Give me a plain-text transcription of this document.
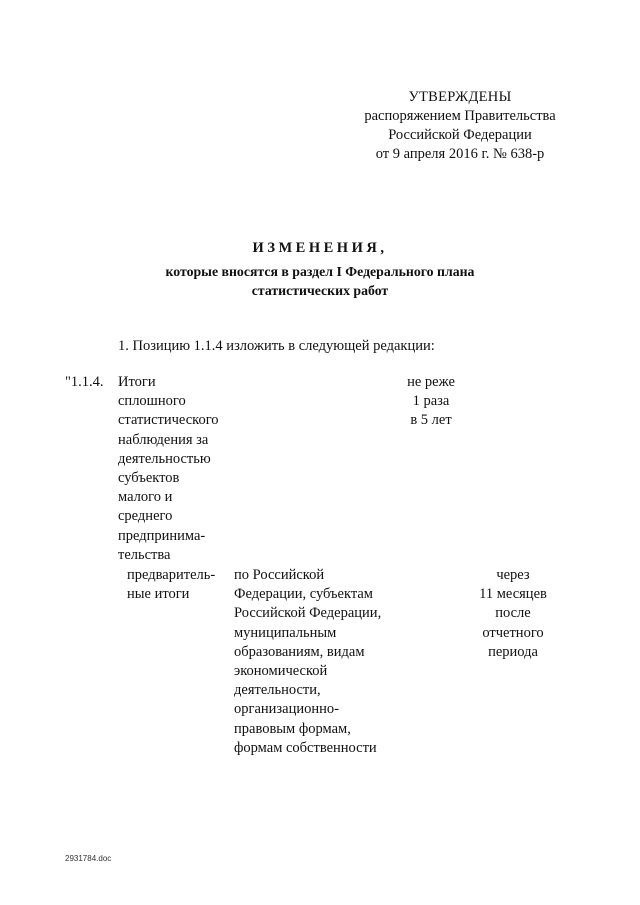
УТВЕРЖДЕНЫ
распоряжением Правительства
Российской Федерации
от 9 апреля 2016 г. № 638-р
ИЗМЕНЕНИЯ,
которые вносятся в раздел I Федерального плана
статистических работ
1. Позицию 1.1.4 изложить в следующей редакции:
"1.1.4. Итоги
сплошного
статистического
наблюдения за
деятельностью
субъектов
малого и
среднего
предпринима-
тельства
не реже
1 раза
в 5 лет
предваритель-
ные итоги
по Российской
Федерации, субъектам
Российской Федерации,
муниципальным
образованиям, видам
экономической
деятельности,
организационно-
правовым формам,
формам собственности
через
11 месяцев
после
отчетного
периода
2931784.doc
